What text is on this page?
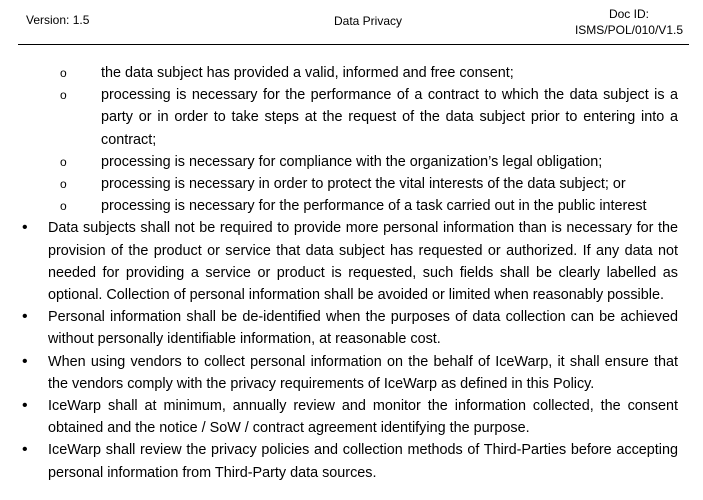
Version: 1.5	Data Privacy	Doc ID:
ISMS/POL/010/V1.5
o the data subject has provided a valid, informed and free consent;
o processing is necessary for the performance of a contract to which the data subject is a party or in order to take steps at the request of the data subject prior to entering into a contract;
o processing is necessary for compliance with the organization’s legal obligation;
o processing is necessary in order to protect the vital interests of the data subject; or
o processing is necessary for the performance of a task carried out in the public interest
• Data subjects shall not be required to provide more personal information than is necessary for the provision of the product or service that data subject has requested or authorized. If any data not needed for providing a service or product is requested, such fields shall be clearly labelled as optional. Collection of personal information shall be avoided or limited when reasonably possible.
• Personal information shall be de-identified when the purposes of data collection can be achieved without personally identifiable information, at reasonable cost.
• When using vendors to collect personal information on the behalf of IceWarp, it shall ensure that the vendors comply with the privacy requirements of IceWarp as defined in this Policy.
• IceWarp shall at minimum, annually review and monitor the information collected, the consent obtained and the notice / SoW / contract agreement identifying the purpose.
• IceWarp shall review the privacy policies and collection methods of Third-Parties before accepting personal information from Third-Party data sources.
